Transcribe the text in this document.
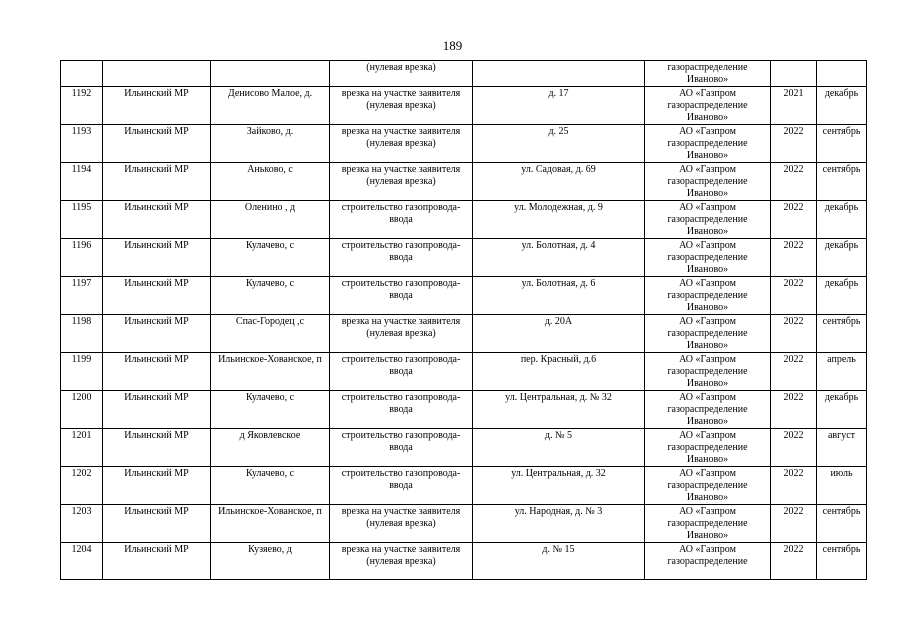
189
			(нулевая врезка)		газораспределение Иваново»		
1192	Ильинский МР	Денисово Малое, д.	врезка на участке заявителя (нулевая врезка)	д. 17	АО «Газпром газораспределение Иваново»	2021	декабрь
1193	Ильинский МР	Зайково, д.	врезка на участке заявителя (нулевая врезка)	д. 25	АО «Газпром газораспределение Иваново»	2022	сентябрь
1194	Ильинский МР	Аньково, с	врезка на участке заявителя (нулевая врезка)	ул. Садовая, д. 69	АО «Газпром газораспределение Иваново»	2022	сентябрь
1195	Ильинский МР	Оленино , д	строительство газопровода-ввода	ул. Молодежная, д. 9	АО «Газпром газораспределение Иваново»	2022	декабрь
1196	Ильинский МР	Кулачево, с	строительство газопровода-ввода	ул. Болотная, д. 4	АО «Газпром газораспределение Иваново»	2022	декабрь
1197	Ильинский МР	Кулачево, с	строительство газопровода-ввода	ул. Болотная, д. 6	АО «Газпром газораспределение Иваново»	2022	декабрь
1198	Ильинский МР	Спас-Городец ,с	врезка на участке заявителя (нулевая врезка)	д. 20А	АО «Газпром газораспределение Иваново»	2022	сентябрь
1199	Ильинский МР	Ильинское-Хованское, п	строительство газопровода-ввода	пер. Красный, д.6	АО «Газпром газораспределение Иваново»	2022	апрель
1200	Ильинский МР	Кулачево, с	строительство газопровода-ввода	ул. Центральная, д. № 32	АО «Газпром газораспределение Иваново»	2022	декабрь
1201	Ильинский МР	д Яковлевское	строительство газопровода-ввода	д. № 5	АО «Газпром газораспределение Иваново»	2022	август
1202	Ильинский МР	Кулачево, с	строительство газопровода-ввода	ул. Центральная, д. 32	АО «Газпром газораспределение Иваново»	2022	июль
1203	Ильинский МР	Ильинское-Хованское, п	врезка на участке заявителя (нулевая врезка)	ул. Народная, д. № 3	АО «Газпром газораспределение Иваново»	2022	сентябрь
1204	Ильинский МР	Кузяево, д	врезка на участке заявителя (нулевая врезка)	д. № 15	АО «Газпром газораспределение	2022	сентябрь
